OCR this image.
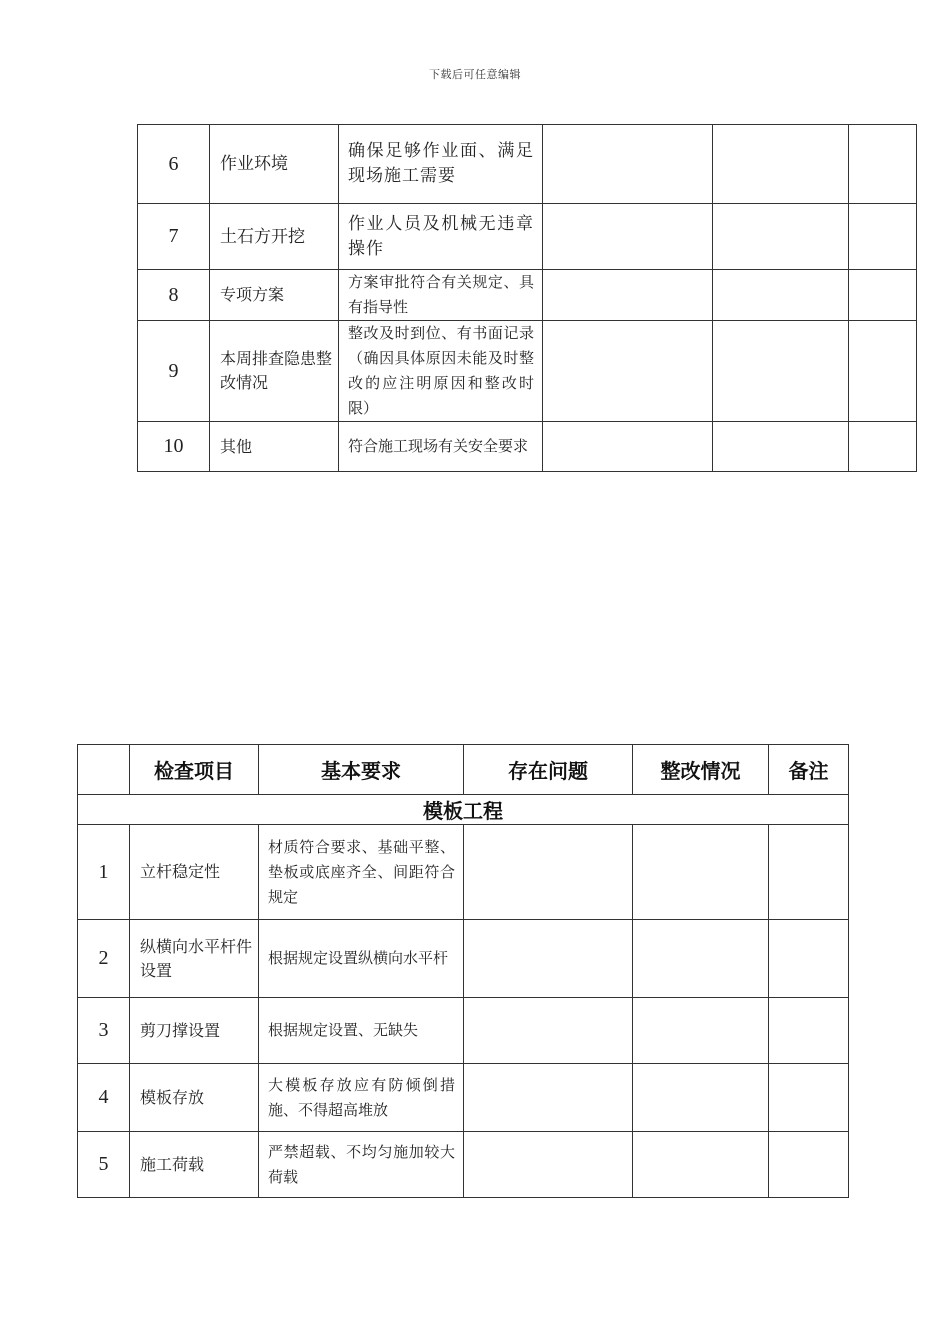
下载后可任意编辑
6	作业环境	确保足够作业面、满足现场施工需要			
7	土石方开挖	作业人员及机械无违章操作			
8	专项方案	方案审批符合有关规定、具有指导性			
9	本周排查隐患整改情况	整改及时到位、有书面记录（确因具体原因未能及时整改的应注明原因和整改时限）			
10	其他	符合施工现场有关安全要求			
	检查项目	基本要求	存在问题	整改情况	备注
模板工程					
1	立杆稳定性	材质符合要求、基础平整、垫板或底座齐全、间距符合规定			
2	纵横向水平杆件设置	根据规定设置纵横向水平杆			
3	剪刀撑设置	根据规定设置、无缺失			
4	模板存放	大模板存放应有防倾倒措施、不得超高堆放			
5	施工荷载	严禁超载、不均匀施加较大荷载			
